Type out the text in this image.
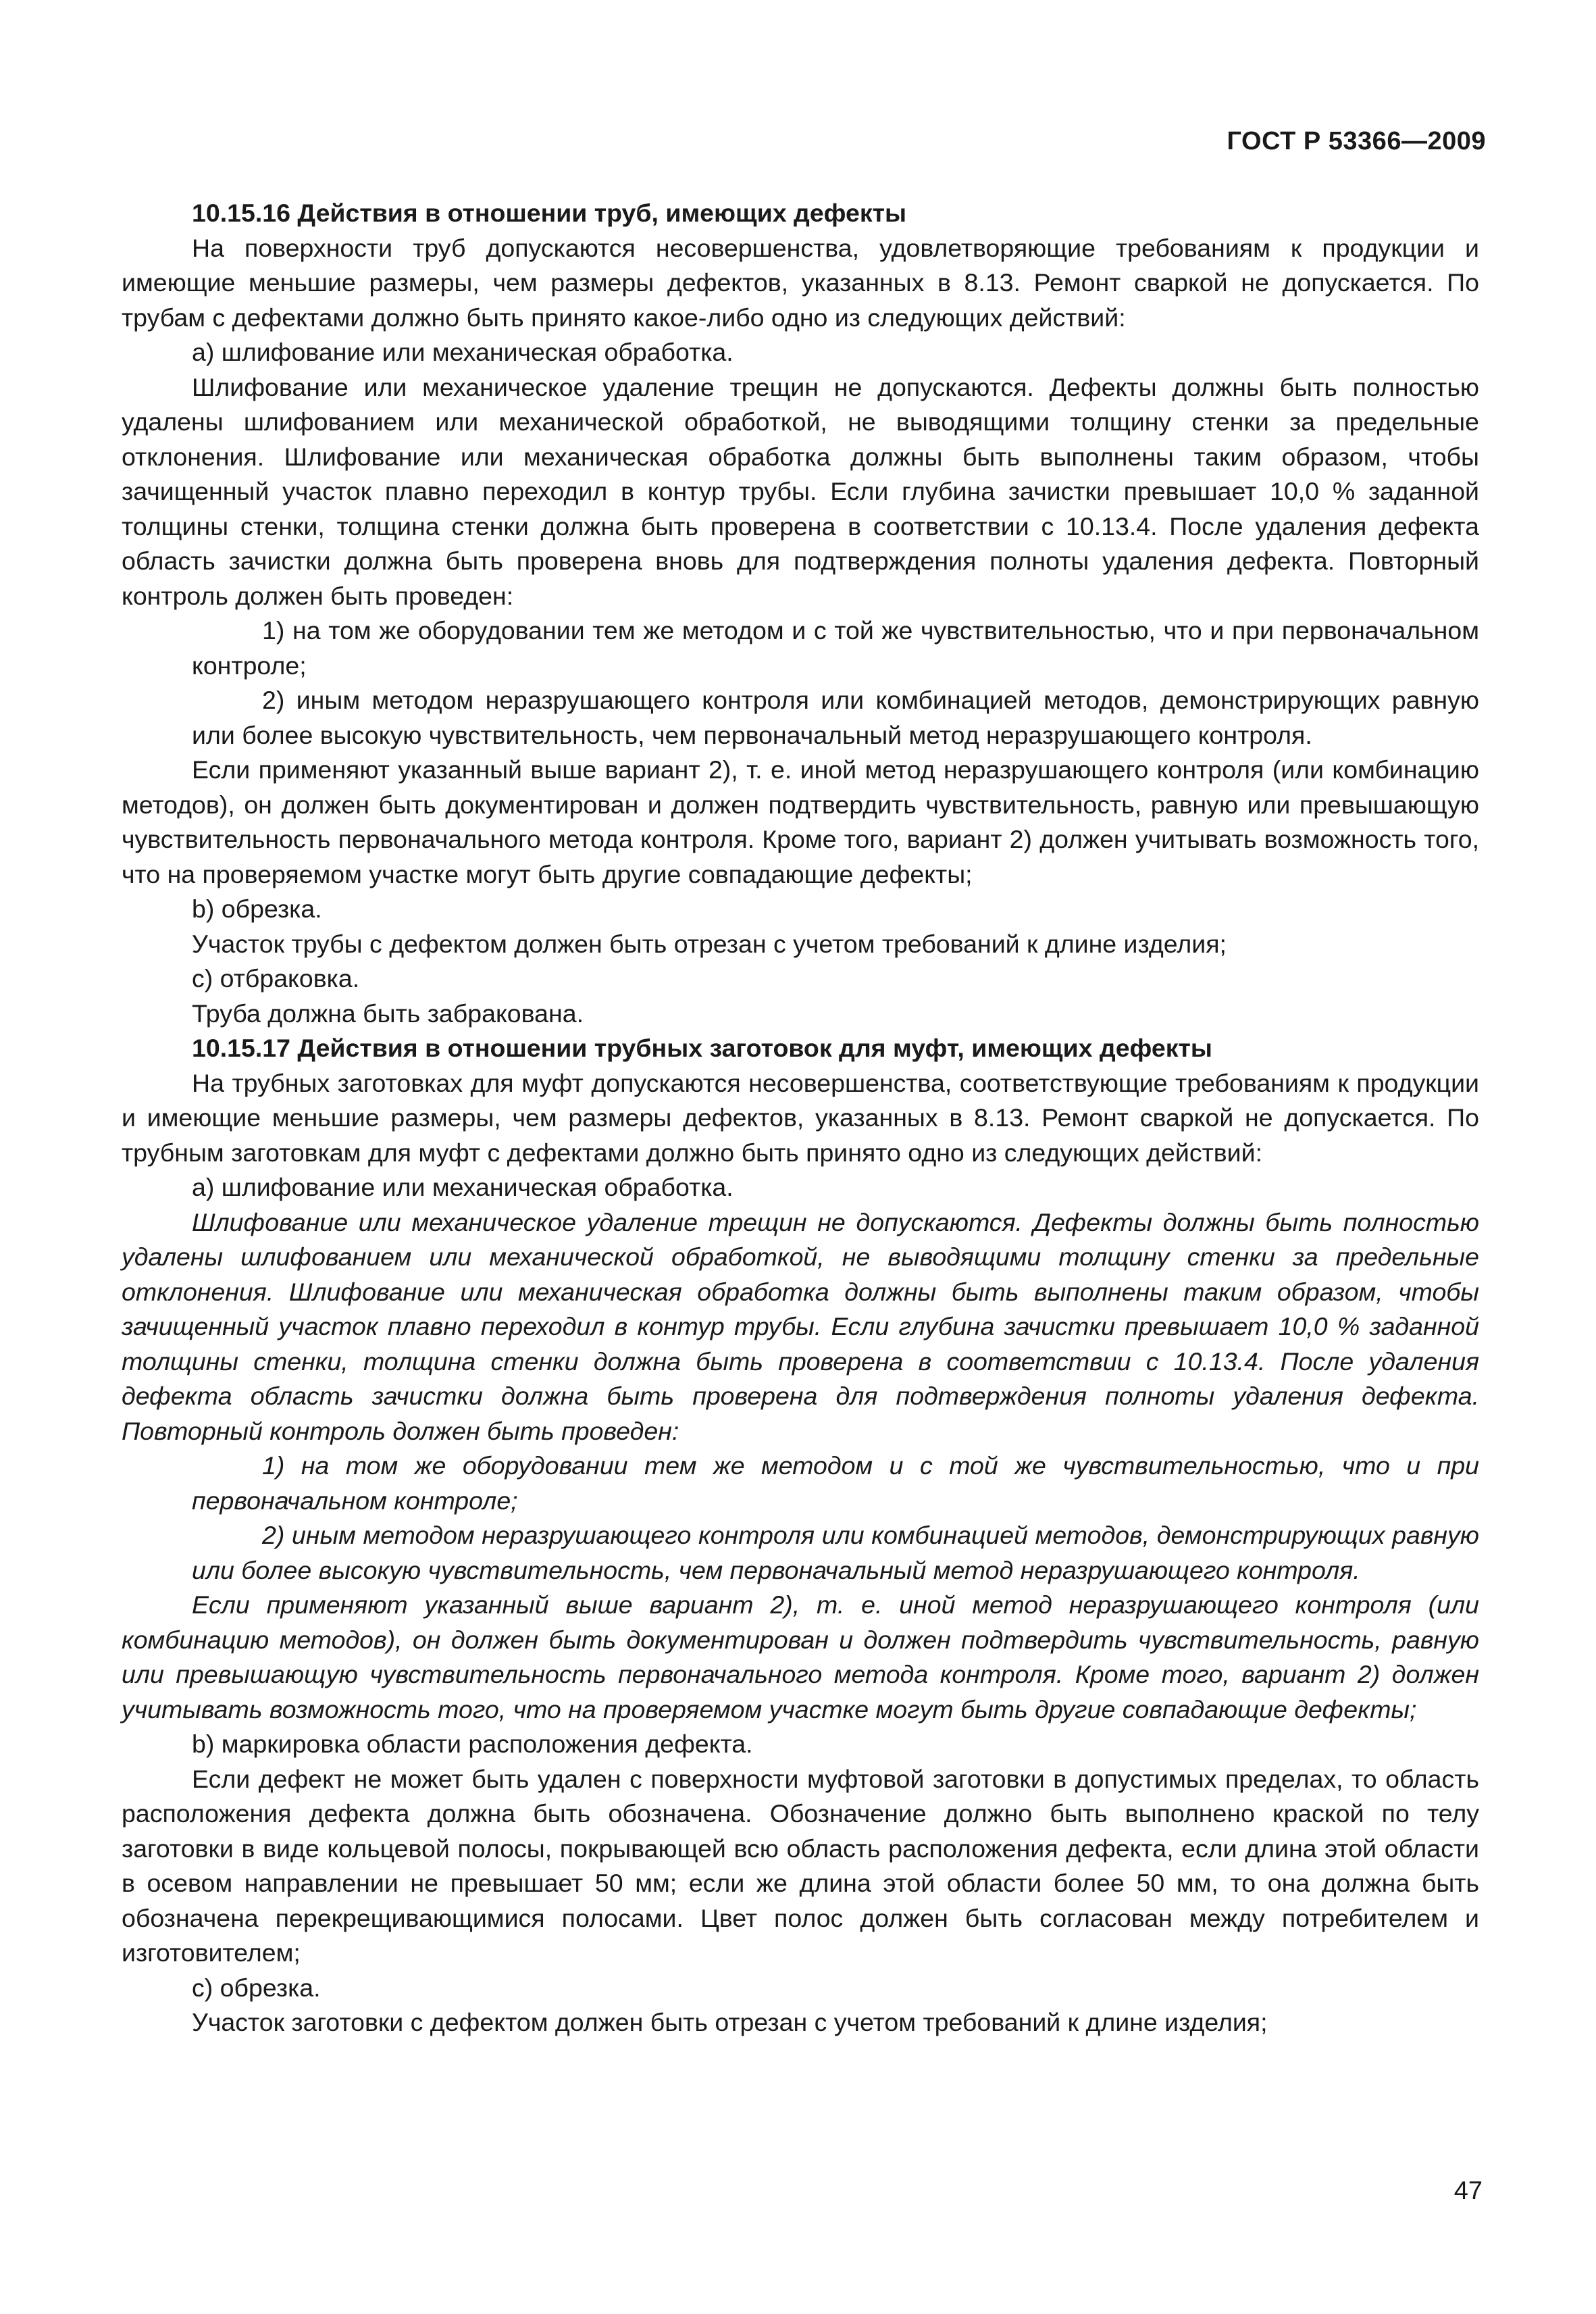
ГОСТ Р 53366—2009

10.15.16 Действия в отношении труб, имеющих дефекты

На поверхности труб допускаются несовершенства, удовлетворяющие требованиям к продукции и имеющие меньшие размеры, чем размеры дефектов, указанных в 8.13. Ремонт сваркой не допускается. По трубам с дефектами должно быть принято какое-либо одно из следующих действий:

а) шлифование или механическая обработка.

Шлифование или механическое удаление трещин не допускаются. Дефекты должны быть полностью удалены шлифованием или механической обработкой, не выводящими толщину стенки за предельные отклонения. Шлифование или механическая обработка должны быть выполнены таким образом, чтобы зачищенный участок плавно переходил в контур трубы. Если глубина зачистки превышает 10,0 % заданной толщины стенки, толщина стенки должна быть проверена в соответствии с 10.13.4. После удаления дефекта область зачистки должна быть проверена вновь для подтверждения полноты удаления дефекта. Повторный контроль должен быть проведен:

1) на том же оборудовании тем же методом и с той же чувствительностью, что и при первоначальном контроле;

2) иным методом неразрушающего контроля или комбинацией методов, демонстрирующих равную или более высокую чувствительность, чем первоначальный метод неразрушающего контроля.

Если применяют указанный выше вариант 2), т. е. иной метод неразрушающего контроля (или комбинацию методов), он должен быть документирован и должен подтвердить чувствительность, равную или превышающую чувствительность первоначального метода контроля. Кроме того, вариант 2) должен учитывать возможность того, что на проверяемом участке могут быть другие совпадающие дефекты;

b) обрезка.

Участок трубы с дефектом должен быть отрезан с учетом требований к длине изделия;

c) отбраковка.

Труба должна быть забракована.

10.15.17 Действия в отношении трубных заготовок для муфт, имеющих дефекты

На трубных заготовках для муфт допускаются несовершенства, соответствующие требованиям к продукции и имеющие меньшие размеры, чем размеры дефектов, указанных в 8.13. Ремонт сваркой не допускается. По трубным заготовкам для муфт с дефектами должно быть принято одно из следующих действий:

а) шлифование или механическая обработка.

Шлифование или механическое удаление трещин не допускаются. Дефекты должны быть полностью удалены шлифованием или механической обработкой, не выводящими толщину стенки за предельные отклонения. Шлифование или механическая обработка должны быть выполнены таким образом, чтобы зачищенный участок плавно переходил в контур трубы. Если глубина зачистки превышает 10,0 % заданной толщины стенки, толщина стенки должна быть проверена в соответствии с 10.13.4. После удаления дефекта область зачистки должна быть проверена для подтверждения полноты удаления дефекта. Повторный контроль должен быть проведен:

1) на том же оборудовании тем же методом и с той же чувствительностью, что и при первоначальном контроле;

2) иным методом неразрушающего контроля или комбинацией методов, демонстрирующих равную или более высокую чувствительность, чем первоначальный метод неразрушающего контроля.

Если применяют указанный выше вариант 2), т. е. иной метод неразрушающего контроля (или комбинацию методов), он должен быть документирован и должен подтвердить чувствительность, равную или превышающую чувствительность первоначального метода контроля. Кроме того, вариант 2) должен учитывать возможность того, что на проверяемом участке могут быть другие совпадающие дефекты;

b) маркировка области расположения дефекта.

Если дефект не может быть удален с поверхности муфтовой заготовки в допустимых пределах, то область расположения дефекта должна быть обозначена. Обозначение должно быть выполнено краской по телу заготовки в виде кольцевой полосы, покрывающей всю область расположения дефекта, если длина этой области в осевом направлении не превышает 50 мм; если же длина этой области более 50 мм, то она должна быть обозначена перекрещивающимися полосами. Цвет полос должен быть согласован между потребителем и изготовителем;

c) обрезка.

Участок заготовки с дефектом должен быть отрезан с учетом требований к длине изделия;

47
